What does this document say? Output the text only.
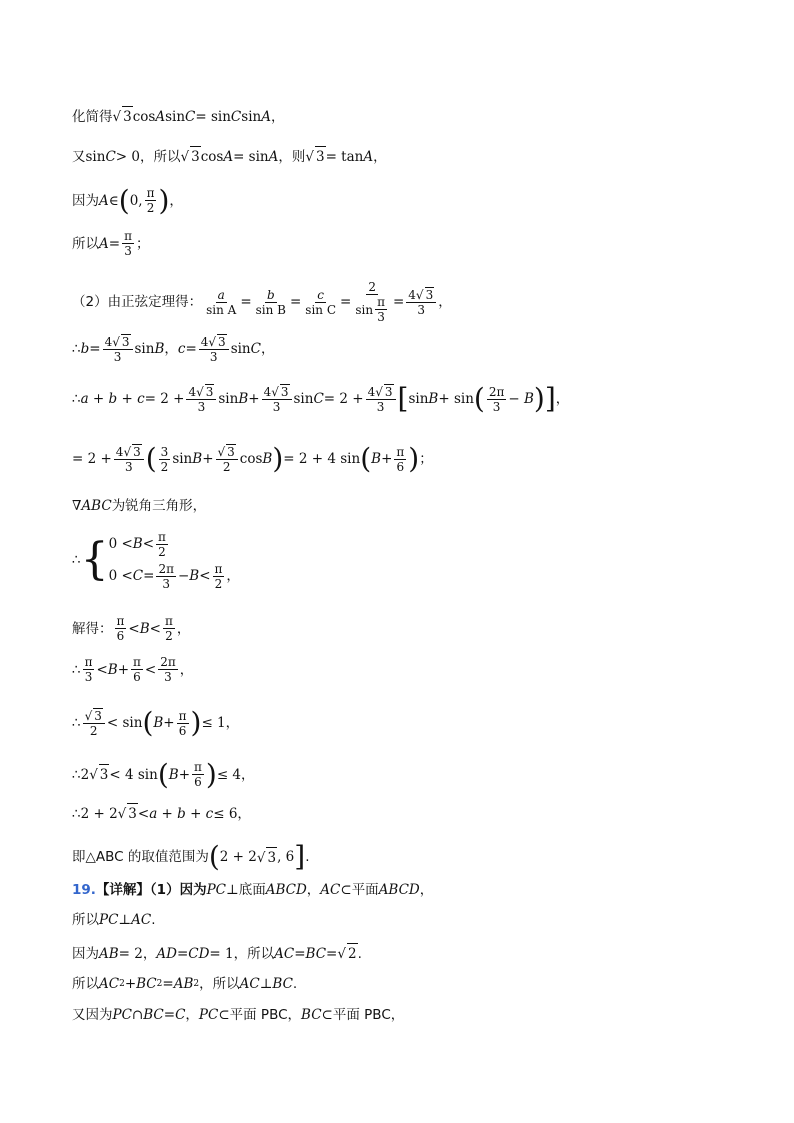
化简得 √ 3 cos A sin C = sin C sin A ，
又 sin C > 0，所以 √ 3 cos A = sin A ，则 √ 3 = tan A ，
因为 A ∈ ( 0, $\frac{\pi}{2}$ ) ，
所以 $A = \frac{\pi}{3}$ ；
（2）由正弦定理得： $\frac{a}{\text{sin A}} = \frac{b}{\text{sin B}} = \frac{c}{\text{sin C}} = \frac{2}{\sin \frac{\pi}{3}} = \frac{4 √ 3}{3}$ ，
∴ $b = \frac{4 √ 3}{3}$ sin B ， $c = \frac{4 √ 3}{3}$ sin C ，
∴ $a + b + c = 2 + \frac{4 √ 3}{3}$ $\sin B + \frac{4 √ 3}{3}$ $\sin C = 2 + \frac{4 √ 3}{3}$ [ sin B + sin ( $\frac{2\pi}{3} - B$ ) ] ，
= $2 + \frac{4 √ 3}{3}$ ( $\frac{3}{2}$ sin B + √ $\frac{3}{2}$ cos B ) = 2 + 4 sin ( $B + \frac{\pi}{6}$ ) ；
∇ ABC 为锐角三角形，
∴ { $0 < B < \frac{\pi}{2}$
$0 < C = \frac{2\pi}{3} - B < \frac{\pi}{2}$ ，
解得： $\frac{\pi}{6} < B < \frac{\pi}{2}$ ，
∴ $\frac{\pi}{3} < B + \frac{\pi}{6} < \frac{2\pi}{3}$ ，
∴ √ $\frac{3}{2} < \sin$ ( $B + \frac{\pi}{6}$ ) ≤ 1，
∴ 2 √ 3 < 4 sin ( $B + \frac{\pi}{6}$ ) ≤ 4，
∴ 2 + 2 √ 3 < a + b + c ≤ 6，
即△ABC 的取值范围为 ( 2 + 2 √ 3 , 6 ] .
19. 【详解】（1）因为 PC ⊥ 底面 ABCD ， AC ⊂ 平面 ABCD ，
所以 PC ⊥ AC .
因为 AB = 2， AD = CD = 1，所以 AC = BC = √ 2 .
所以 AC 2 + BC 2 = AB 2 ，所以 AC ⊥ BC .
又因为 PC ∩ BC = C ， PC ⊂ 平面 PBC， BC ⊂ 平面 PBC，
